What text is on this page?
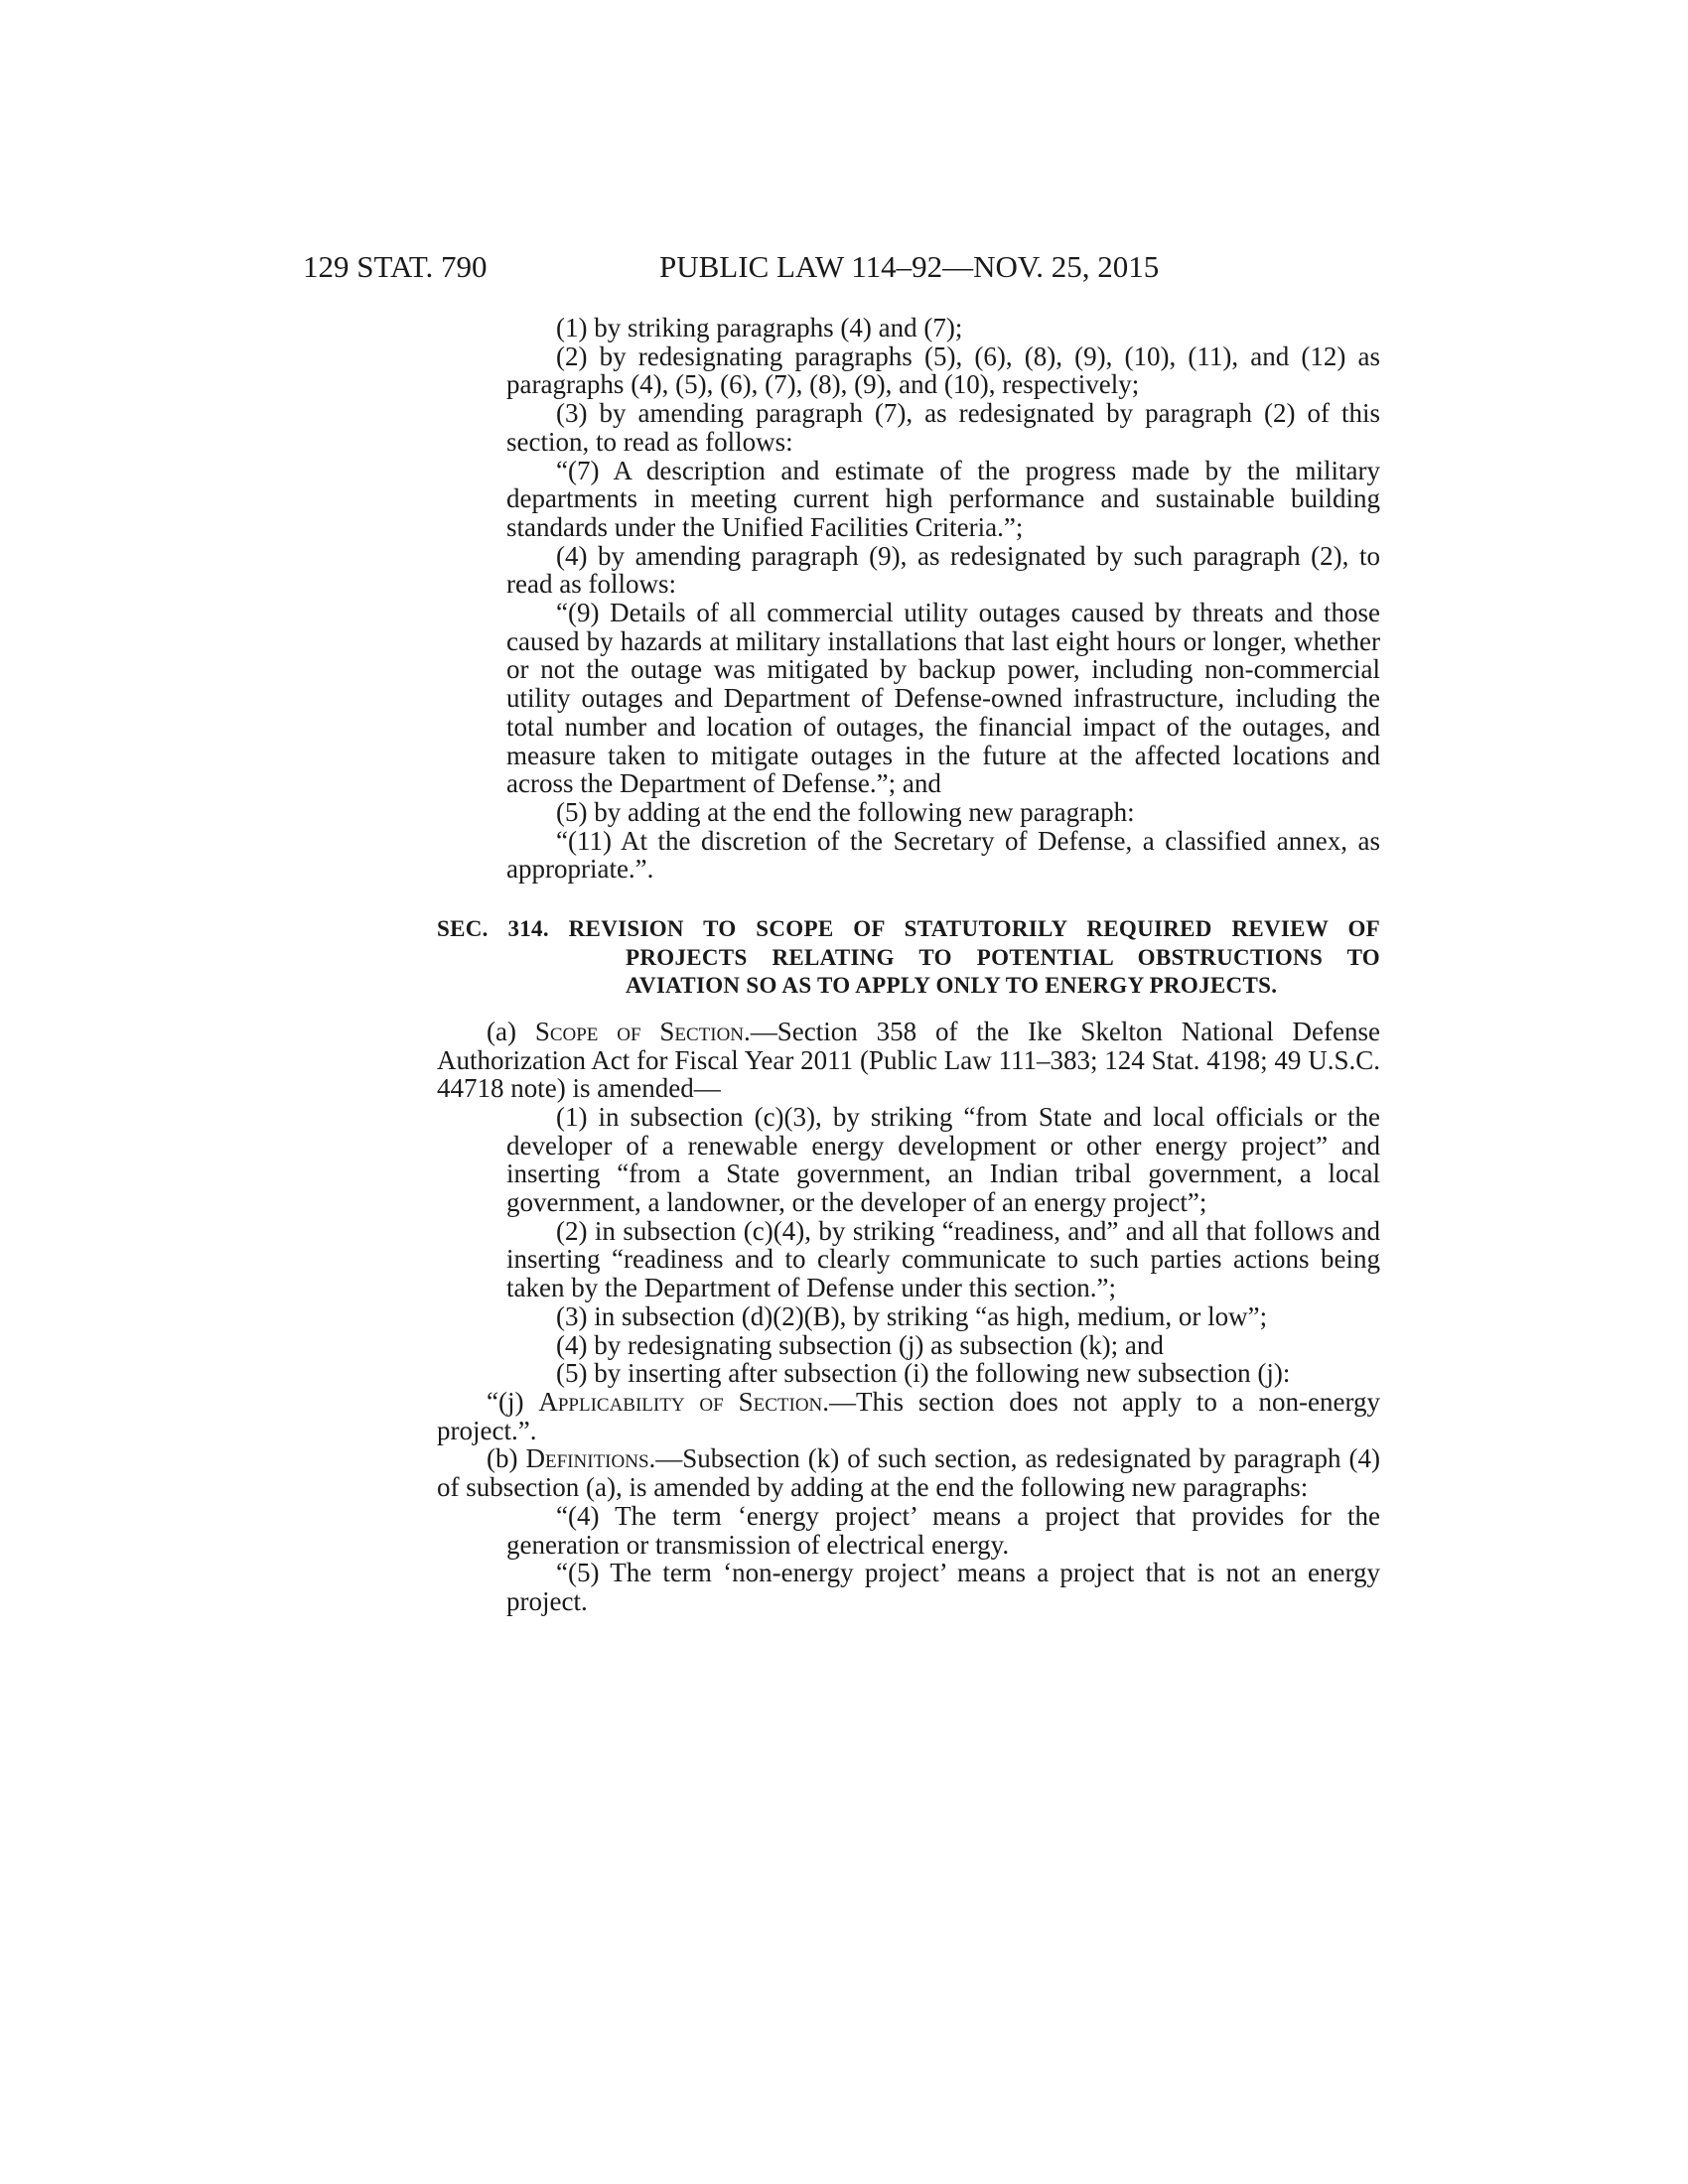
129 STAT. 790	PUBLIC LAW 114–92—NOV. 25, 2015

(1) by striking paragraphs (4) and (7);

(2) by redesignating paragraphs (5), (6), (8), (9), (10), (11), and (12) as paragraphs (4), (5), (6), (7), (8), (9), and (10), respectively;

(3) by amending paragraph (7), as redesignated by paragraph (2) of this section, to read as follows:

“(7) A description and estimate of the progress made by the military departments in meeting current high performance and sustainable building standards under the Unified Facilities Criteria.”;

(4) by amending paragraph (9), as redesignated by such paragraph (2), to read as follows:

“(9) Details of all commercial utility outages caused by threats and those caused by hazards at military installations that last eight hours or longer, whether or not the outage was mitigated by backup power, including non-commercial utility outages and Department of Defense-owned infrastructure, including the total number and location of outages, the financial impact of the outages, and measure taken to mitigate outages in the future at the affected locations and across the Department of Defense.”; and

(5) by adding at the end the following new paragraph:

“(11) At the discretion of the Secretary of Defense, a classified annex, as appropriate.”.

SEC. 314. REVISION TO SCOPE OF STATUTORILY REQUIRED REVIEW OF PROJECTS RELATING TO POTENTIAL OBSTRUCTIONS TO AVIATION SO AS TO APPLY ONLY TO ENERGY PROJECTS.

(a) Scope of Section.—Section 358 of the Ike Skelton National Defense Authorization Act for Fiscal Year 2011 (Public Law 111–383; 124 Stat. 4198; 49 U.S.C. 44718 note) is amended—

(1) in subsection (c)(3), by striking “from State and local officials or the developer of a renewable energy development or other energy project” and inserting “from a State government, an Indian tribal government, a local government, a landowner, or the developer of an energy project”;

(2) in subsection (c)(4), by striking “readiness, and” and all that follows and inserting “readiness and to clearly communicate to such parties actions being taken by the Department of Defense under this section.”;

(3) in subsection (d)(2)(B), by striking “as high, medium, or low”;

(4) by redesignating subsection (j) as subsection (k); and

(5) by inserting after subsection (i) the following new subsection (j):

“(j) Applicability of Section.—This section does not apply to a non-energy project.”.

(b) Definitions.—Subsection (k) of such section, as redesignated by paragraph (4) of subsection (a), is amended by adding at the end the following new paragraphs:

“(4) The term ‘energy project’ means a project that provides for the generation or transmission of electrical energy.

“(5) The term ‘non-energy project’ means a project that is not an energy project.
